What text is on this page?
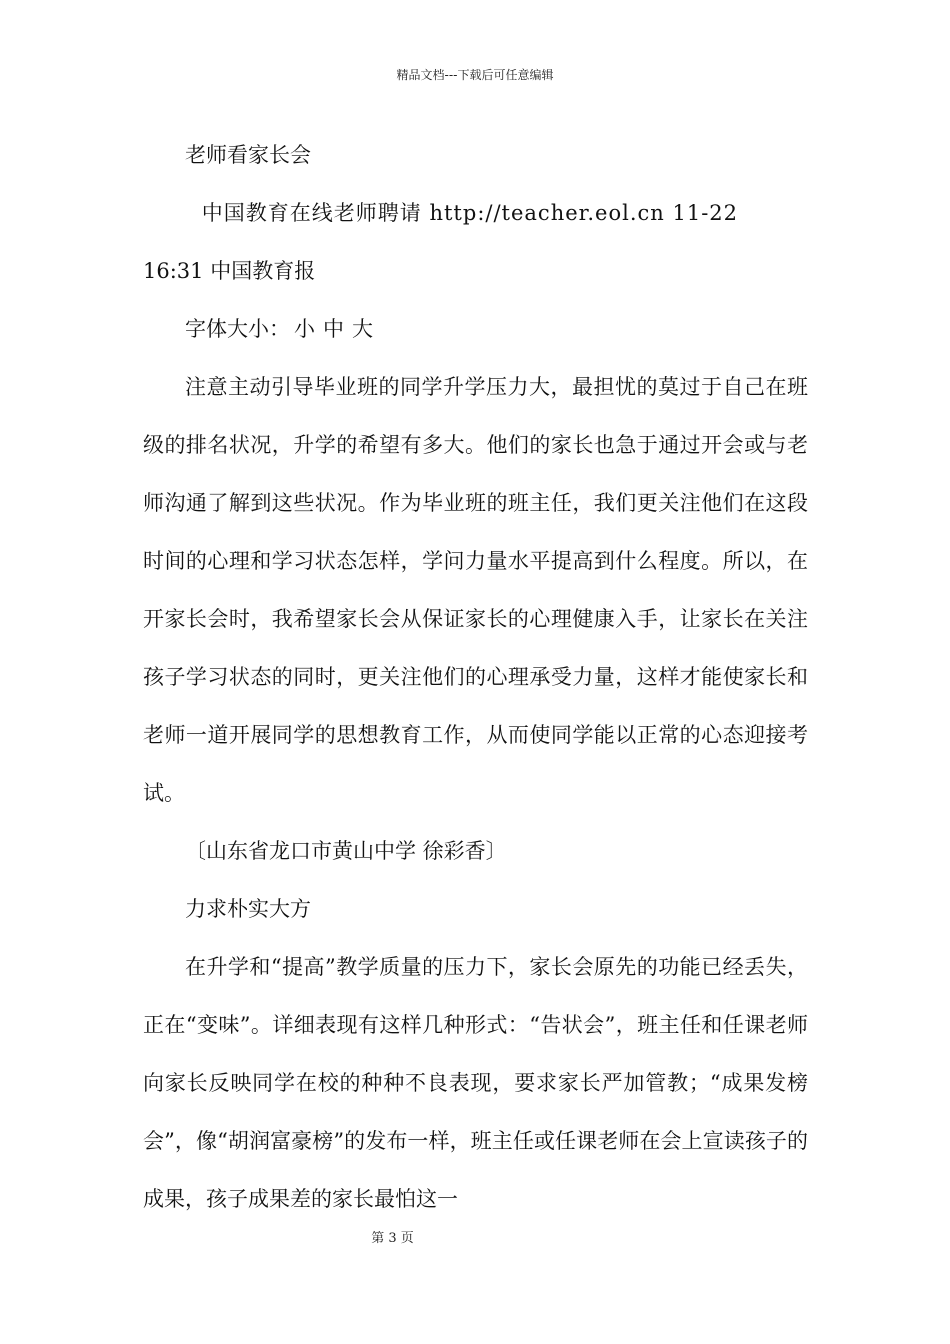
精品文档---下载后可任意编辑

老师看家长会

中国教育在线老师聘请 http://teacher.eol.cn 11-22

16:31 中国教育报

字体大小： 小 中 大

注意主动引导毕业班的同学升学压力大，最担忧的莫过于自己在班级的排名状况，升学的希望有多大。他们的家长也急于通过开会或与老师沟通了解到这些状况。作为毕业班的班主任，我们更关注他们在这段时间的心理和学习状态怎样，学问力量水平提高到什么程度。所以，在开家长会时，我希望家长会从保证家长的心理健康入手，让家长在关注孩子学习状态的同时，更关注他们的心理承受力量，这样才能使家长和老师一道开展同学的思想教育工作，从而使同学能以正常的心态迎接考试。

〔山东省龙口市黄山中学 徐彩香〕

力求朴实大方

在升学和“提高”教学质量的压力下，家长会原先的功能已经丢失，正在“变味”。详细表现有这样几种形式：“告状会”，班主任和任课老师向家长反映同学在校的种种不良表现，要求家长严加管教；“成果发榜会”，像“胡润富豪榜”的发布一样，班主任或任课老师在会上宣读孩子的成果，孩子成果差的家长最怕这一

第 3 页
